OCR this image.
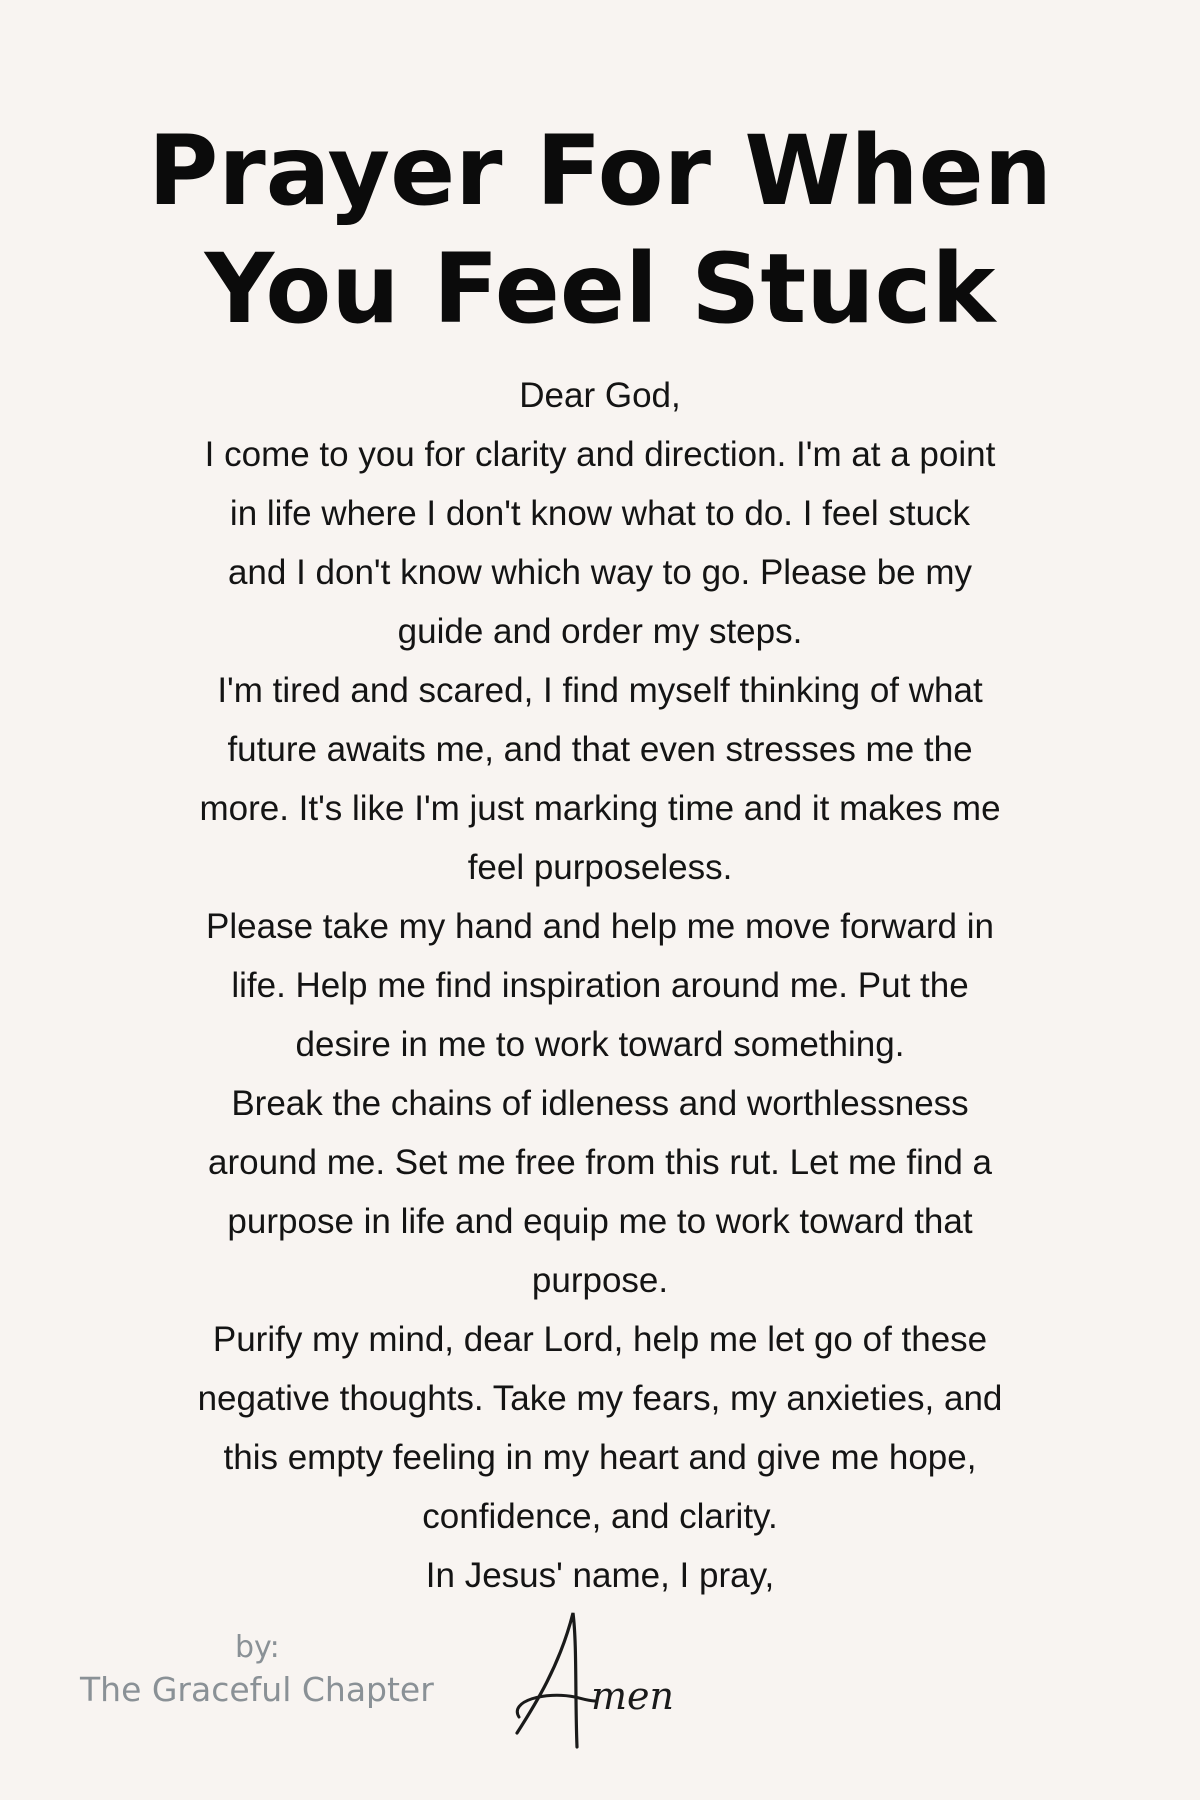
Prayer For When
You Feel Stuck
Dear God,
I come to you for clarity and direction. I'm at a point
in life where I don't know what to do. I feel stuck
and I don't know which way to go. Please be my
guide and order my steps.
I'm tired and scared, I find myself thinking of what
future awaits me, and that even stresses me the
more. It's like I'm just marking time and it makes me
feel purposeless.
Please take my hand and help me move forward in
life. Help me find inspiration around me. Put the
desire in me to work toward something.
Break the chains of idleness and worthlessness
around me. Set me free from this rut. Let me find a
purpose in life and equip me to work toward that
purpose.
Purify my mind, dear Lord, help me let go of these
negative thoughts. Take my fears, my anxieties, and
this empty feeling in my heart and give me hope,
confidence, and clarity.
In Jesus' name, I pray,
by:
The Graceful Chapter	men
